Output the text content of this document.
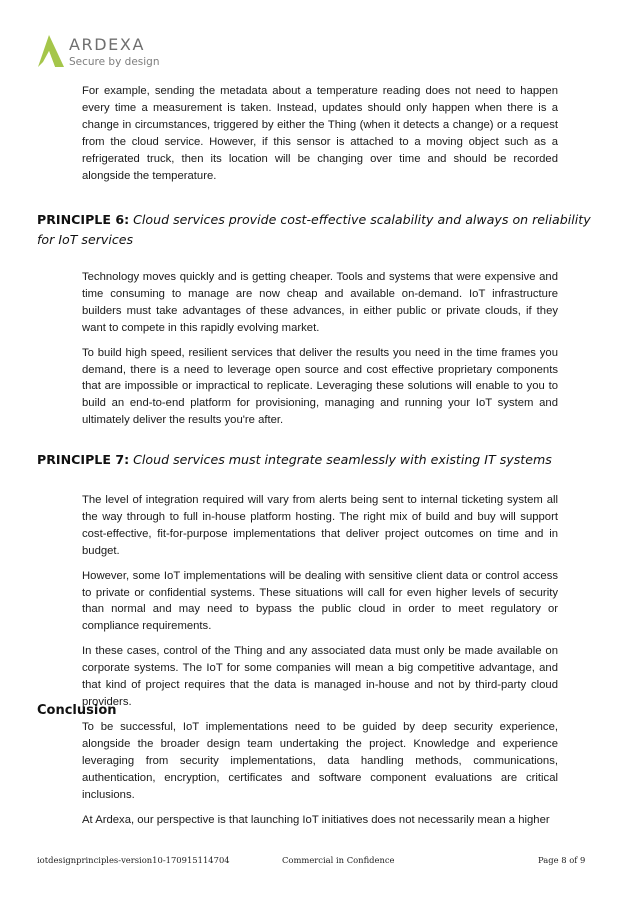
ARDEXA
Secure by design

For example, sending the metadata about a temperature reading does not need to happen every time a measurement is taken. Instead, updates should only happen when there is a change in circumstances, triggered by either the Thing (when it detects a change) or a request from the cloud service. However, if this sensor is attached to a moving object such as a refrigerated truck, then its location will be changing over time and should be recorded alongside the temperature.

PRINCIPLE 6: Cloud services provide cost-effective scalability and always on reliability for IoT services

Technology moves quickly and is getting cheaper. Tools and systems that were expensive and time consuming to manage are now cheap and available on-demand. IoT infrastructure builders must take advantages of these advances, in either public or private clouds, if they want to compete in this rapidly evolving market.

To build high speed, resilient services that deliver the results you need in the time frames you demand, there is a need to leverage open source and cost effective proprietary components that are impossible or impractical to replicate. Leveraging these solutions will enable to you to build an end-to-end platform for provisioning, managing and running your IoT system and ultimately deliver the results you're after.

PRINCIPLE 7: Cloud services must integrate seamlessly with existing IT systems

The level of integration required will vary from alerts being sent to internal ticketing system all the way through to full in-house platform hosting. The right mix of build and buy will support cost-effective, fit-for-purpose implementations that deliver project outcomes on time and in budget.

However, some IoT implementations will be dealing with sensitive client data or control access to private or confidential systems. These situations will call for even higher levels of security than normal and may need to bypass the public cloud in order to meet regulatory or compliance requirements.

In these cases, control of the Thing and any associated data must only be made available on corporate systems. The IoT for some companies will mean a big competitive advantage, and that kind of project requires that the data is managed in-house and not by third-party cloud providers.

Conclusion

To be successful, IoT implementations need to be guided by deep security experience, alongside the broader design team undertaking the project. Knowledge and experience leveraging from security implementations, data handling methods, communications, authentication, encryption, certificates and software component evaluations are critical inclusions.

At Ardexa, our perspective is that launching IoT initiatives does not necessarily mean a higher

iotdesignprinciples-version10-170915114704	Commercial in Confidence	Page 8 of 9
